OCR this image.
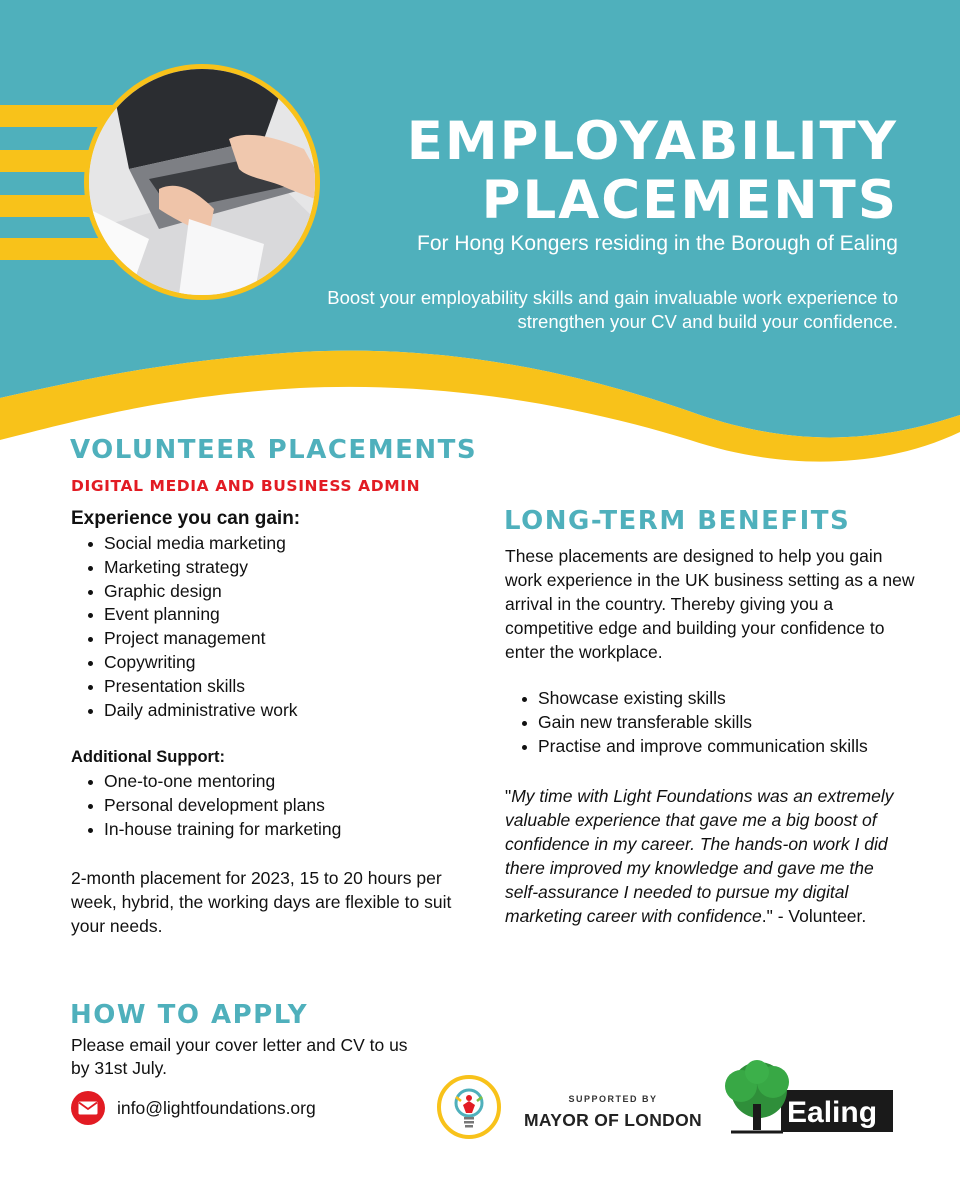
EMPLOYABILITY
PLACEMENTS
For Hong Kongers residing in the Borough of Ealing
Boost your employability skills and gain invaluable work experience to strengthen your CV and build your confidence.
VOLUNTEER PLACEMENTS
DIGITAL MEDIA AND BUSINESS ADMIN
Experience you can gain:
Social media marketing
Marketing strategy
Graphic design
Event planning
Project management
Copywriting
Presentation skills
Daily administrative work
Additional Support:
One-to-one mentoring
Personal development plans
In-house training for marketing
2-month placement for 2023, 15 to 20 hours per week, hybrid, the working days are flexible to suit your needs.
LONG-TERM BENEFITS
These placements are designed to help you gain work experience in the UK business setting as a new arrival in the country. Thereby giving you a competitive edge and building your confidence to enter the workplace.
Showcase existing skills
Gain new transferable skills
Practise and improve communication skills
"My time with Light Foundations was an extremely valuable experience that gave me a big boost of confidence in my career. The hands-on work I did there improved my knowledge and gave me the self-assurance I needed to pursue my digital marketing career with confidence." - Volunteer.
HOW TO APPLY
Please email your cover letter and CV to us by 31st July.
info@lightfoundations.org	SUPPORTED BY
MAYOR OF LONDON	Ealing
